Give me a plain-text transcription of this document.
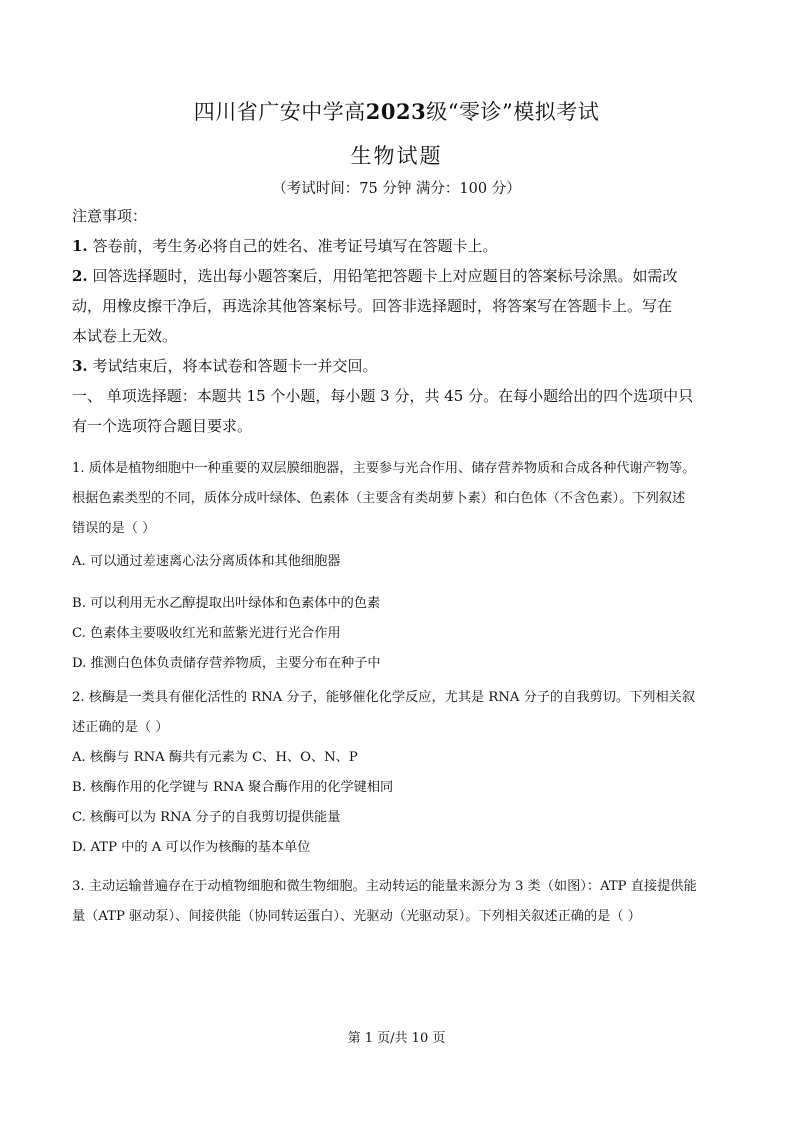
四川省广安中学高2023级“零诊”模拟考试
生物试题
（考试时间：75 分钟 满分：100 分）
注意事项：
1. 答卷前，考生务必将自己的姓名、准考证号填写在答题卡上。
2. 回答选择题时，选出每小题答案后，用铅笔把答题卡上对应题目的答案标号涂黑。如需改
动，用橡皮擦干净后，再选涂其他答案标号。回答非选择题时，将答案写在答题卡上。写在
本试卷上无效。
3. 考试结束后，将本试卷和答题卡一并交回。
一、 单项选择题：本题共 15 个小题，每小题 3 分，共 45 分。在每小题给出的四个选项中只
有一个选项符合题目要求。
1. 质体是植物细胞中一种重要的双层膜细胞器，主要参与光合作用、储存营养物质和合成各种代谢产物等。
根据色素类型的不同，质体分成叶绿体、色素体（主要含有类胡萝卜素）和白色体（不含色素）。下列叙述
错误的是（ ）
A. 可以通过差速离心法分离质体和其他细胞器
B. 可以利用无水乙醇提取出叶绿体和色素体中的色素
C. 色素体主要吸收红光和蓝紫光进行光合作用
D. 推测白色体负责储存营养物质，主要分布在种子中
2. 核酶是一类具有催化活性的 RNA 分子，能够催化化学反应，尤其是 RNA 分子的自我剪切。下列相关叙
述正确的是（ ）
A. 核酶与 RNA 酶共有元素为 C、H、O、N、P
B. 核酶作用的化学键与 RNA 聚合酶作用的化学键相同
C. 核酶可以为 RNA 分子的自我剪切提供能量
D. ATP 中的 A 可以作为核酶的基本单位
3. 主动运输普遍存在于动植物细胞和微生物细胞。主动转运的能量来源分为 3 类（如图）：ATP 直接提供能
量（ATP 驱动泵）、间接供能（协同转运蛋白）、光驱动（光驱动泵）。下列相关叙述正确的是（ ）
第 1 页/共 10 页
